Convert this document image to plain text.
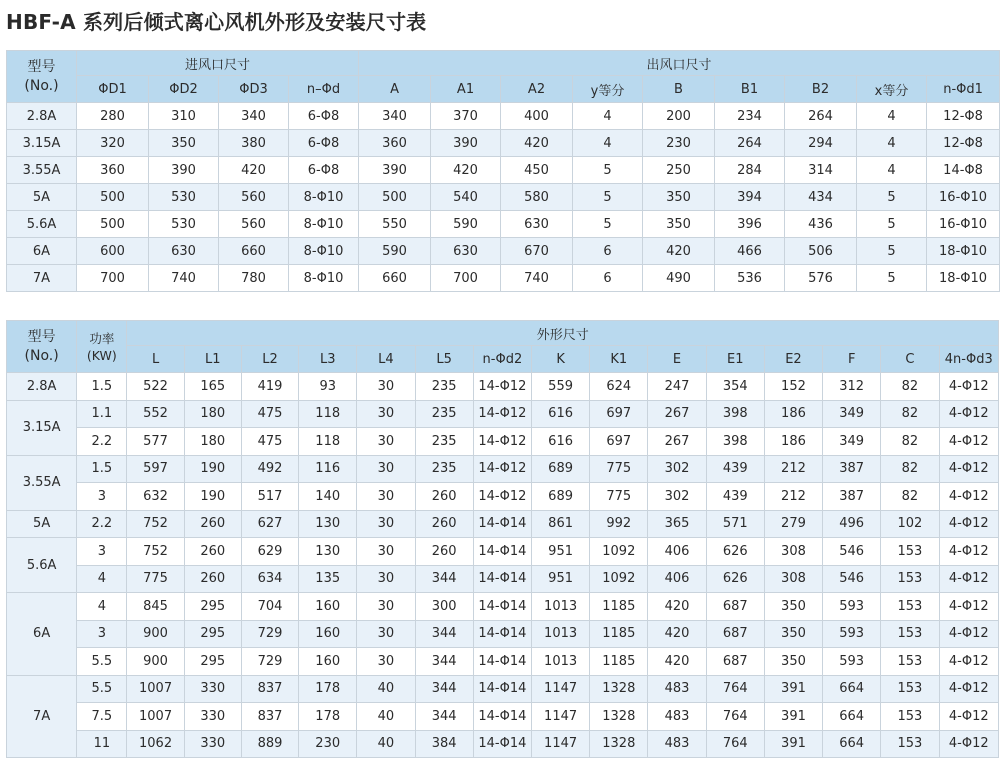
HBF-A 系列后倾式离心风机外形及安装尺寸表
型号
(No.)	进风口尺寸				出风口尺寸								
	ΦD1	ΦD2	ΦD3	n–Φd	A	A1	A2	y等分	B	B1	B2	x等分	n-Φd1
2.8A	280	310	340	6-Φ8	340	370	400	4	200	234	264	4	12-Φ8
3.15A	320	350	380	6-Φ8	360	390	420	4	230	264	294	4	12-Φ8
3.55A	360	390	420	6-Φ8	390	420	450	5	250	284	314	4	14-Φ8
5A	500	530	560	8-Φ10	500	540	580	5	350	394	434	5	16-Φ10
5.6A	500	530	560	8-Φ10	550	590	630	5	350	396	436	5	16-Φ10
6A	600	630	660	8-Φ10	590	630	670	6	420	466	506	5	18-Φ10
7A	700	740	780	8-Φ10	660	700	740	6	490	536	576	5	18-Φ10
型号
(No.)	功率
(KW)	外形尺寸														
		L	L1	L2	L3	L4	L5	n-Φd2	K	K1	E	E1	E2	F	C	4n-Φd3
2.8A	1.5	522	165	419	93	30	235	14-Φ12	559	624	247	354	152	312	82	4-Φ12
3.15A	1.1	552	180	475	118	30	235	14-Φ12	616	697	267	398	186	349	82	4-Φ12
	2.2	577	180	475	118	30	235	14-Φ12	616	697	267	398	186	349	82	4-Φ12
3.55A	1.5	597	190	492	116	30	235	14-Φ12	689	775	302	439	212	387	82	4-Φ12
	3	632	190	517	140	30	260	14-Φ12	689	775	302	439	212	387	82	4-Φ12
5A	2.2	752	260	627	130	30	260	14-Φ14	861	992	365	571	279	496	102	4-Φ12
5.6A	3	752	260	629	130	30	260	14-Φ14	951	1092	406	626	308	546	153	4-Φ12
	4	775	260	634	135	30	344	14-Φ14	951	1092	406	626	308	546	153	4-Φ12
6A	4	845	295	704	160	30	300	14-Φ14	1013	1185	420	687	350	593	153	4-Φ12
	3	900	295	729	160	30	344	14-Φ14	1013	1185	420	687	350	593	153	4-Φ12
	5.5	900	295	729	160	30	344	14-Φ14	1013	1185	420	687	350	593	153	4-Φ12
7A	5.5	1007	330	837	178	40	344	14-Φ14	1147	1328	483	764	391	664	153	4-Φ12
	7.5	1007	330	837	178	40	344	14-Φ14	1147	1328	483	764	391	664	153	4-Φ12
	11	1062	330	889	230	40	384	14-Φ14	1147	1328	483	764	391	664	153	4-Φ12
